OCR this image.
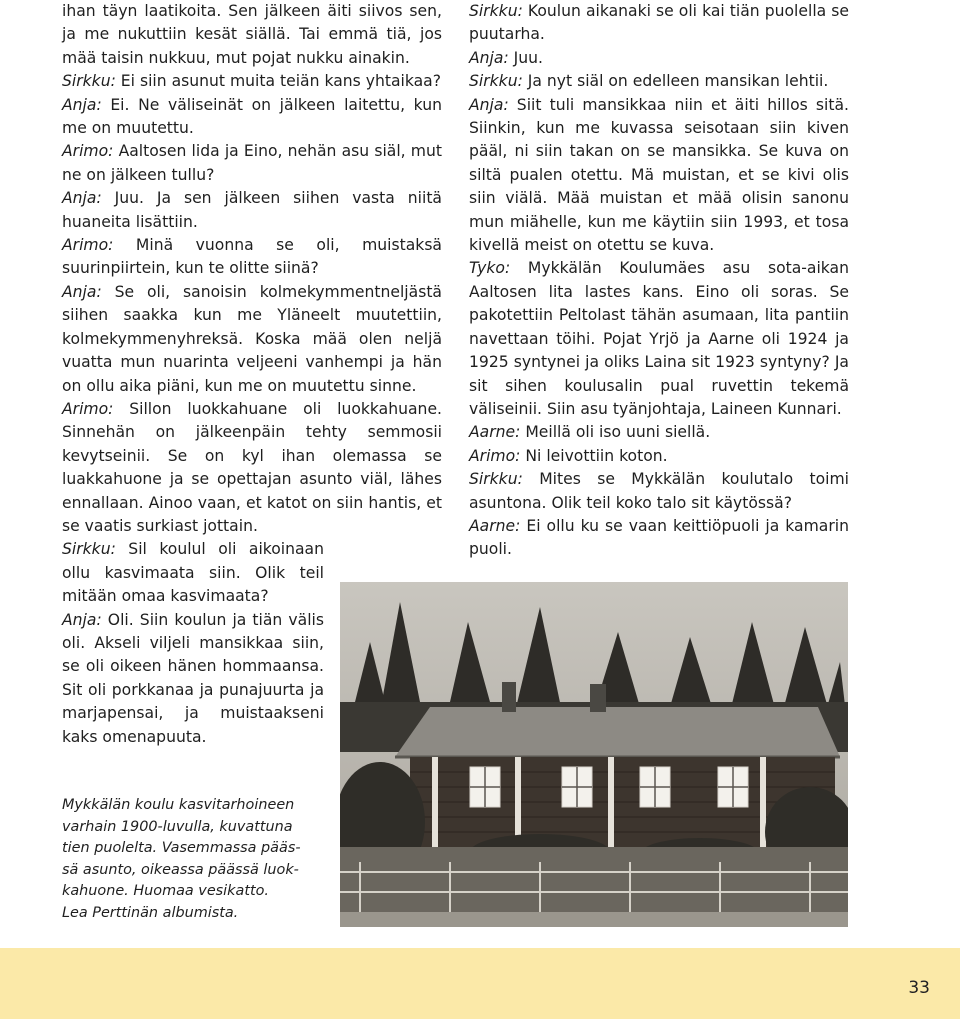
ihan täyn laatikoita. Sen jälkeen äiti siivos sen, ja me nukuttiin kesät siällä. Tai emmä tiä, jos mää taisin nukkuu, mut pojat nukku ainakin.

Sirkku: Ei siin asunut muita teiän kans yhtaikaa?

Anja: Ei. Ne väliseinät on jälkeen laitettu, kun me on muutettu.

Arimo: Aaltosen lida ja Eino, nehän asu siäl, mut ne on jälkeen tullu?

Anja: Juu. Ja sen jälkeen siihen vasta niitä huaneita lisättiin.

Arimo: Minä vuonna se oli, muistaksä suurinpiirtein, kun te olitte siinä?

Anja: Se oli, sanoisin kolmekymmentneljästä siihen saakka kun me Yläneelt muutettiin, kolmekymmenyhreksä. Koska mää olen neljä vuatta mun nuarinta veljeeni vanhempi ja hän on ollu aika piäni, kun me on muutettu sinne.

Arimo: Sillon luokkahuane oli luokkahuane. Sinnehän on jälkeenpäin tehty semmosii kevytseinii. Se on kyl ihan olemassa se luakkahuone ja se opettajan asunto viäl, lähes ennallaan. Ainoo vaan, et katot on siin hantis, et se vaatis surkiast jottain.

Sirkku: Sil koulul oli aikoinaan ollu kasvimaata siin. Olik teil mitään omaa kasvimaata?

Anja: Oli. Siin koulun ja tiän välis oli. Akseli viljeli mansikkaa siin, se oli oikeen hänen hommaansa. Sit oli porkkanaa ja punajuurta ja marjapensai, ja muistaakseni kaks omenapuuta.

Sirkku: Koulun aikanaki se oli kai tiän puolella se puutarha.

Anja: Juu.

Sirkku: Ja nyt siäl on edelleen mansikan lehtii.

Anja: Siit tuli mansikkaa niin et äiti hillos sitä. Siinkin, kun me kuvassa seisotaan siin kiven pääl, ni siin takan on se mansikka. Se kuva on siltä pualen otettu. Mä muistan, et se kivi olis siin viälä. Mää muistan et mää olisin sanonu mun miähelle, kun me käytiin siin 1993, et tosa kivellä meist on otettu se kuva.

Tyko: Mykkälän Koulumäes asu sota-aikan Aaltosen lita lastes kans. Eino oli soras. Se pakotettiin Peltolast tähän asumaan, lita pantiin navettaan töihi. Pojat Yrjö ja Aarne oli 1924 ja 1925 syntynei ja oliks Laina sit 1923 syntyny? Ja sit sihen koulusalin pual ruvettin tekemä väliseinii. Siin asu tyänjohtaja, Laineen Kunnari.

Aarne: Meillä oli iso uuni siellä.

Arimo: Ni leivottiin koton.

Sirkku: Mites se Mykkälän koulutalo toimi asuntona. Olik teil koko talo sit käytössä?

Aarne: Ei ollu ku se vaan keittiöpuoli ja kamarin puoli.

Mykkälän koulu kasvitarhoineen
varhain 1900-luvulla, kuvattuna
tien puolelta. Vasemmassa pääs-
sä asunto, oikeassa päässä luok-
kahuone. Huomaa vesikatto.
Lea Perttinän albumista.
33
